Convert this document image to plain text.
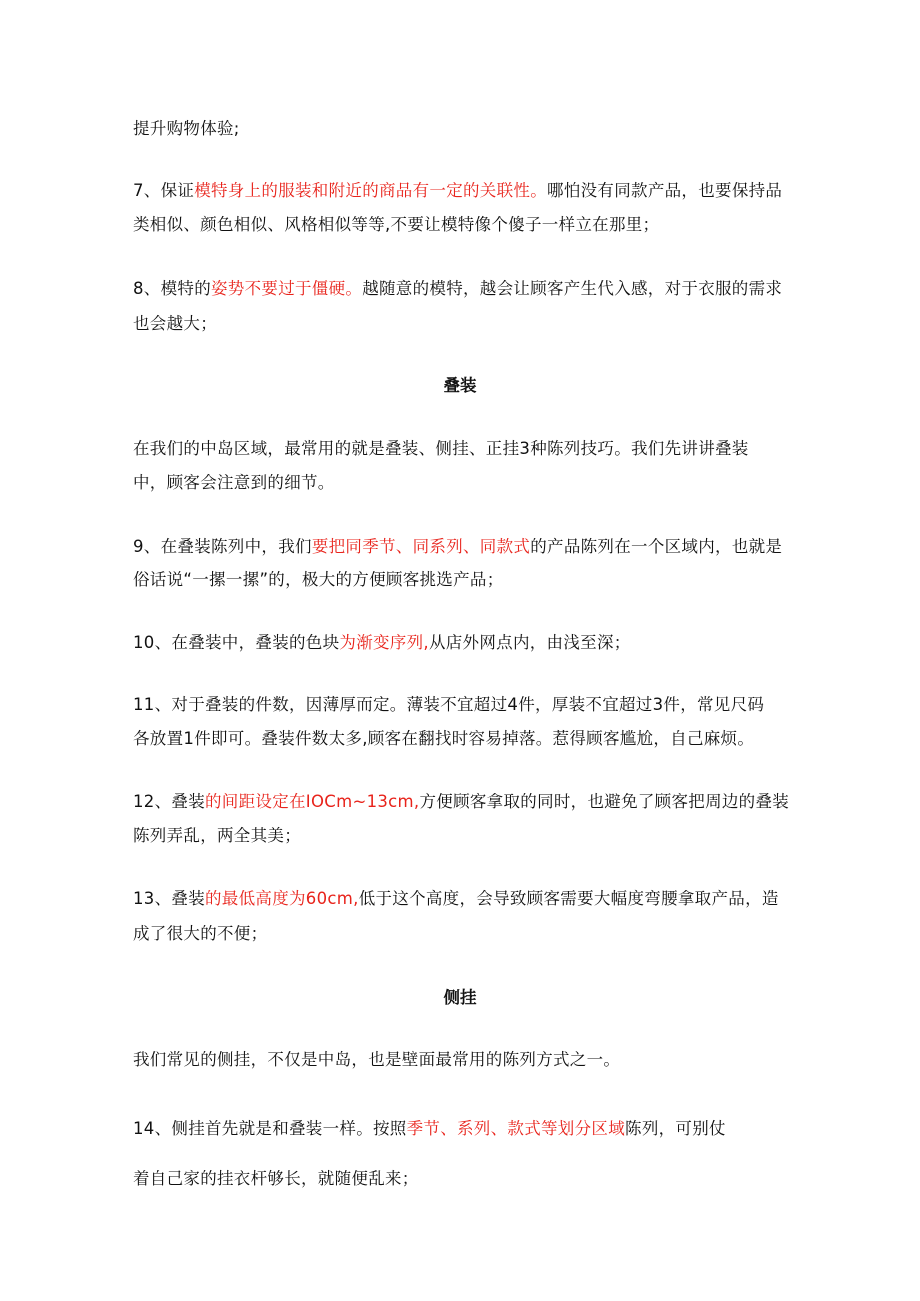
提升购物体验;
7、保证模特身上的服装和附近的商品有一定的关联性。哪怕没有同款产品，也要保持品
类相似、颜色相似、风格相似等等,不要让模特像个傻子一样立在那里；
8、模特的姿势不要过于僵硬。越随意的模特，越会让顾客产生代入感，对于衣服的需求
也会越大；
叠装
在我们的中岛区域，最常用的就是叠装、侧挂、正挂3种陈列技巧。我们先讲讲叠装
中，顾客会注意到的细节。
9、在叠装陈列中，我们要把同季节、同系列、同款式的产品陈列在一个区域内，也就是
俗话说“一摞一摞”的，极大的方便顾客挑选产品；
10、在叠装中，叠装的色块为渐变序列,从店外网点内，由浅至深；
11、对于叠装的件数，因薄厚而定。薄装不宜超过4件，厚装不宜超过3件，常见尺码
各放置1件即可。叠装件数太多,顾客在翻找时容易掉落。惹得顾客尴尬，自己麻烦。
12、叠装的间距设定在IOCm~13cm,方便顾客拿取的同时，也避免了顾客把周边的叠装
陈列弄乱，两全其美；
13、叠装的最低高度为60cm,低于这个高度，会导致顾客需要大幅度弯腰拿取产品，造
成了很大的不便；
侧挂
我们常见的侧挂，不仅是中岛，也是壁面最常用的陈列方式之一。
14、侧挂首先就是和叠装一样。按照季节、系列、款式等划分区域陈列，可别仗
着自己家的挂衣杆够长，就随便乱来；
